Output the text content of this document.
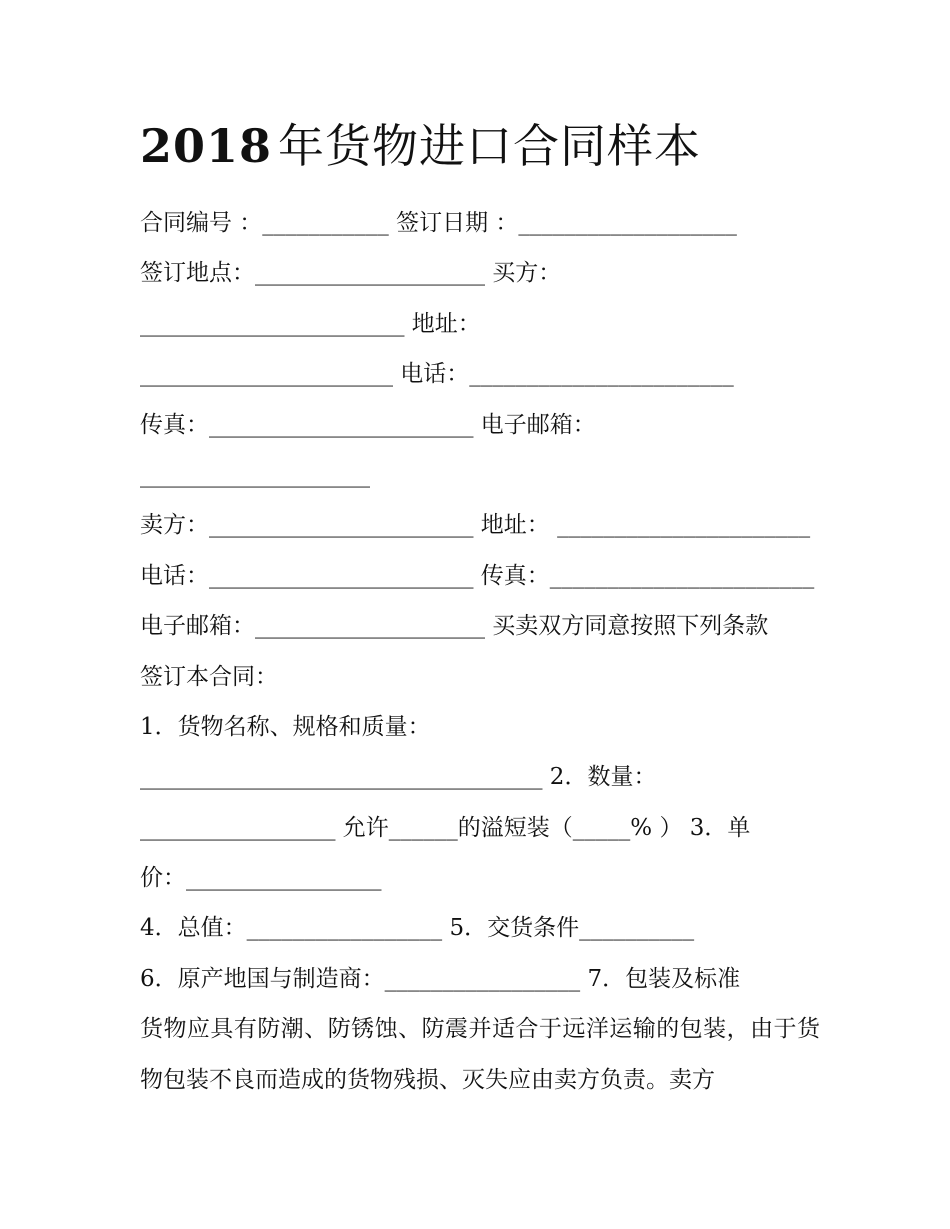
2018 年货物进口合同样本
合同编号 ：___________ 签订日期 ：___________________
签订地点：____________________ 买方：
_______________________ 地址：
______________________ 电话：_______________________
传真：_______________________ 电子邮箱：
____________________
卖方：_______________________ 地址： ______________________
电话：_______________________ 传真：_______________________
电子邮箱：____________________ 买卖双方同意按照下列条款
签订本合同：
1．货物名称、规格和质量：
___________________________________ 2．数量：
_________________ 允许______的溢短装（_____% ） 3．单
价：_________________
4．总值：_________________ 5．交货条件__________
6．原产地国与制造商：_________________ 7．包装及标准
货物应具有防潮、防锈蚀、防震并适合于远洋运输的包装，由于货物包装不良而造成的货物残损、灭失应由卖方负责。卖方
